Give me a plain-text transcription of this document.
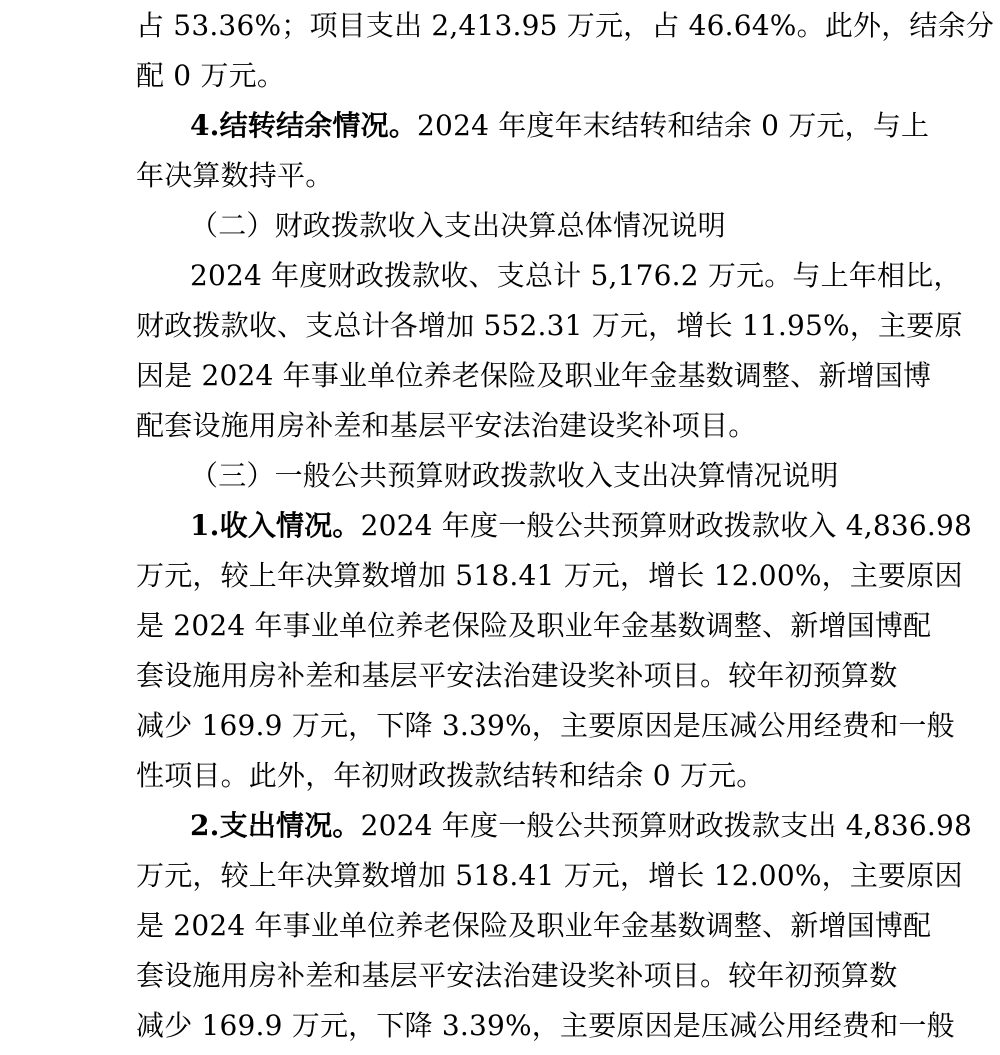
占 53.36%；项目支出 2,413.95 万元，占 46.64%。此外，结余分
配 0 万元。
4.结转结余情况。2024 年度年末结转和结余 0 万元，与上
年决算数持平。
（二）财政拨款收入支出决算总体情况说明
2024 年度财政拨款收、支总计 5,176.2 万元。与上年相比，
财政拨款收、支总计各增加 552.31 万元，增长 11.95%，主要原
因是 2024 年事业单位养老保险及职业年金基数调整、新增国博
配套设施用房补差和基层平安法治建设奖补项目。
（三）一般公共预算财政拨款收入支出决算情况说明
1.收入情况。2024 年度一般公共预算财政拨款收入 4,836.98
万元，较上年决算数增加 518.41 万元，增长 12.00%，主要原因
是 2024 年事业单位养老保险及职业年金基数调整、新增国博配
套设施用房补差和基层平安法治建设奖补项目。较年初预算数
减少 169.9 万元，下降 3.39%，主要原因是压减公用经费和一般
性项目。此外，年初财政拨款结转和结余 0 万元。
2.支出情况。2024 年度一般公共预算财政拨款支出 4,836.98
万元，较上年决算数增加 518.41 万元，增长 12.00%，主要原因
是 2024 年事业单位养老保险及职业年金基数调整、新增国博配
套设施用房补差和基层平安法治建设奖补项目。较年初预算数
减少 169.9 万元，下降 3.39%，主要原因是压减公用经费和一般
